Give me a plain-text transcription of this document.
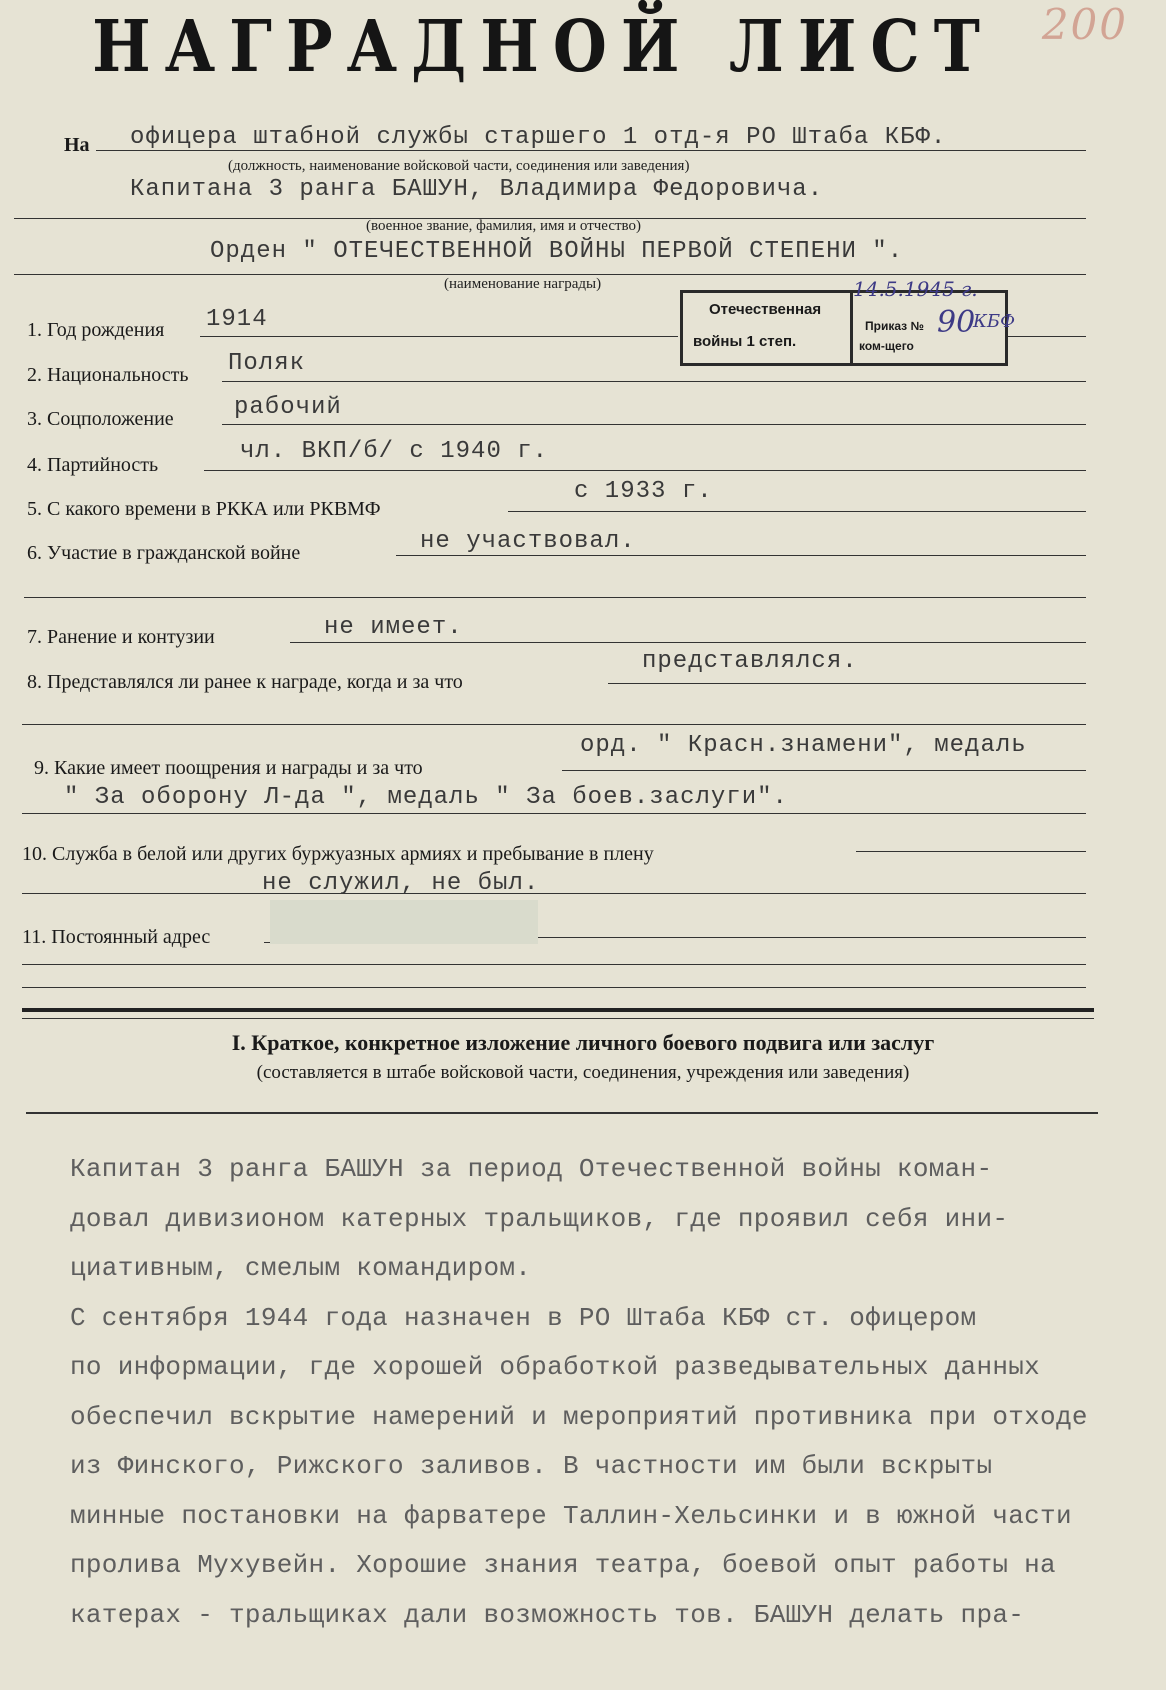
НАГРАДНОЙ ЛИСТ	200
На офицера штабной службы старшего 1 отд-я РО Штаба КБФ.
(должность, наименование войсковой части, соединения или заведения)
Капитана 3 ранга БАШУН, Владимира Федоровича.
(военное звание, фамилия, имя и отчество)
Орден " ОТЕЧЕСТВЕННОЙ ВОЙНЫ ПЕРВОЙ СТЕПЕНИ ".
(наименование награды)
Отечественная
войны 1 степ.
14.5.1945 г.
Приказ № 90
ком-щего
КБФ
1. Год рождения 1914
2. Национальность Поляк
3. Соцположение	рабочий
4. Партийность	чл. ВКП/б/ с 1940 г.
5. С какого времени в РККА или РКВМФ
с 1933 г.
6. Участие в гражданской войне	не участвовал.
7. Ранение и контузии	не имеет.
8. Представлялся ли ранее к награде, когда и за что
представлялся.
9. Какие имеет поощрения и награды и за что
орд. " Красн.знамени", медаль
" За оборону Л-да ", медаль " За боев.заслуги".
10. Служба в белой или других буржуазных армиях и пребывание в плену
не служил, не был.
11. Постоянный адрес
I. Краткое, конкретное изложение личного боевого подвига или заслуг
(составляется в штабе войсковой части, соединения, учреждения или заведения)
Капитан 3 ранга БАШУН за период Отечественной войны коман-
довал дивизионом катерных тральщиков, где проявил себя ини-
циативным, смелым командиром.
С сентября 1944 года назначен в РО Штаба КБФ ст. офицером
по информации, где хорошей обработкой разведывательных данных
обеспечил вскрытие намерений и мероприятий противника при отходе
из Финского, Рижского заливов. В частности им были вскрыты
минные постановки на фарватере Таллин-Хельсинки и в южной части
пролива Мухувейн. Хорошие знания театра, боевой опыт работы на
катерах - тральщиках дали возможность тов. БАШУН делать пра-
